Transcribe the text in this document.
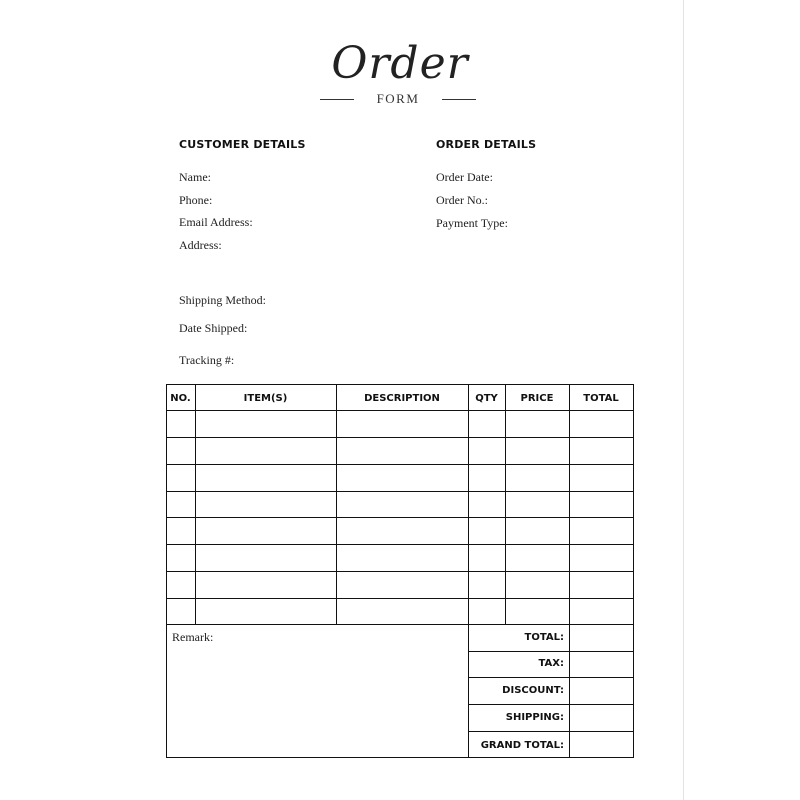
Order
FORM
CUSTOMER DETAILS
Name:
Phone:
Email Address:
Address:
ORDER DETAILS
Order Date:
Order No.:
Payment Type:
Shipping Method:
Date Shipped:
Tracking #:
NO.	ITEM(S)	DESCRIPTION	QTY	PRICE	TOTAL
Remark:	TOTAL:
TAX:
DISCOUNT:
SHIPPING:
GRAND TOTAL:
